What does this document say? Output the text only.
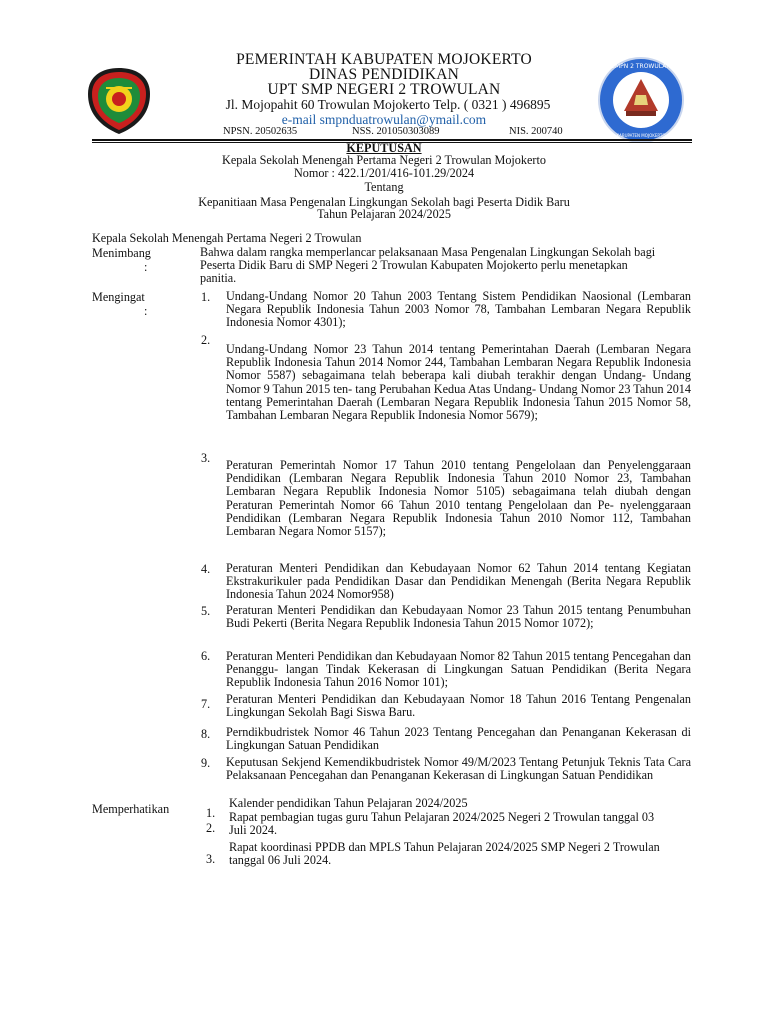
SMPN 2 TROWULAN
KABUPATEN MOJOKERTO
PEMERINTAH KABUPATEN MOJOKERTO
DINAS PENDIDIKAN
UPT SMP NEGERI 2 TROWULAN
Jl. Mojopahit 60 Trowulan Mojokerto Telp. ( 0321 ) 496895
e-mail smpnduatrowulan@ymail.com
NPSN. 20502635	NSS. 201050303089	NIS. 200740
KEPUTUSAN
Kepala Sekolah Menengah Pertama Negeri 2 Trowulan Mojokerto
Nomor : 422.1/201/416-101.29/2024
Tentang
Kepanitiaan Masa Pengenalan Lingkungan Sekolah bagi Peserta Didik Baru
Tahun Pelajaran 2024/2025
Kepala Sekolah Menengah Pertama Negeri 2 Trowulan
Menimbang
:
Bahwa dalam rangka memperlancar pelaksanaan Masa Pengenalan Lingkungan Sekolah bagi Peserta Didik Baru di SMP Negeri 2 Trowulan Kabupaten Mojokerto perlu menetapkan panitia.
Mengingat
:
1. Undang-Undang Nomor 20 Tahun 2003 Tentang Sistem Pendidikan Naosional (Lembaran Negara Republik Indonesia Tahun 2003 Nomor 78, Tambahan Lembaran Negara Republik Indonesia Nomor 4301);
2.
Undang-Undang Nomor 23 Tahun 2014 tentang Pemerintahan Daerah (Lembaran Negara Republik Indonesia Tahun 2014 Nomor 244, Tambahan Lembaran Negara Republik Indonesia Nomor 5587) sebagaimana telah beberapa kali diubah terakhir dengan Undang- Undang Nomor 9 Tahun 2015 ten- tang Perubahan Kedua Atas Undang- Undang Nomor 23 Tahun 2014 tentang Pemerintahan Daerah (Lembaran Negara Republik Indonesia Tahun 2015 Nomor 58, Tambahan Lembaran Negara Republik Indonesia Nomor 5679);
3. Peraturan Pemerintah Nomor 17 Tahun 2010 tentang Pengelolaan dan Penyelenggaraan Pendidikan (Lembaran Negara Republik Indonesia Tahun 2010 Nomor 23, Tambahan Lembaran Negara Republik Indonesia Nomor 5105) sebagaimana telah diubah dengan Peraturan Pemerintah Nomor 66 Tahun 2010 tentang Pengelolaan dan Pe- nyelenggaraan Pendidikan (Lembaran Negara Republik Indonesia Tahun 2010 Nomor 112, Tambahan Lembaran Negara Nomor 5157);
4. Peraturan Menteri Pendidikan dan Kebudayaan Nomor 62 Tahun 2014 tentang Kegiatan Ekstrakurikuler pada Pendidikan Dasar dan Pendidikan Menengah (Berita Negara Republik Indonesia Tahun 2024 Nomor958)
5. Peraturan Menteri Pendidikan dan Kebudayaan Nomor 23 Tahun 2015 tentang Penumbuhan Budi Pekerti (Berita Negara Republik Indonesia Tahun 2015 Nomor 1072);
6. Peraturan Menteri Pendidikan dan Kebudayaan Nomor 82 Tahun 2015 tentang Pencegahan dan Penanggu- langan Tindak Kekerasan di Lingkungan Satuan Pendidikan (Berita Negara Republik Indonesia Tahun 2016 Nomor 101);
7. Peraturan Menteri Pendidikan dan Kebudayaan Nomor 18 Tahun 2016 Tentang Pengenalan Lingkungan Sekolah Bagi Siswa Baru.
8. Perndikbudristek Nomor 46 Tahun 2023 Tentang Pencegahan dan Penanganan Kekerasan di Lingkungan Satuan Pendidikan
9. Keputusan Sekjend Kemendikbudristek Nomor 49/M/2023 Tentang Petunjuk Teknis Tata Cara Pelaksanaan Pencegahan dan Penanganan Kekerasan di Lingkungan Satuan Pendidikan
Memperhatikan	1.
Kalender pendidikan Tahun Pelajaran 2024/2025
2.
Rapat pembagian tugas guru Tahun Pelajaran 2024/2025 Negeri 2 Trowulan tanggal 03 Juli 2024.
3.
Rapat koordinasi PPDB dan MPLS Tahun Pelajaran 2024/2025 SMP Negeri 2 Trowulan tanggal 06 Juli 2024.
